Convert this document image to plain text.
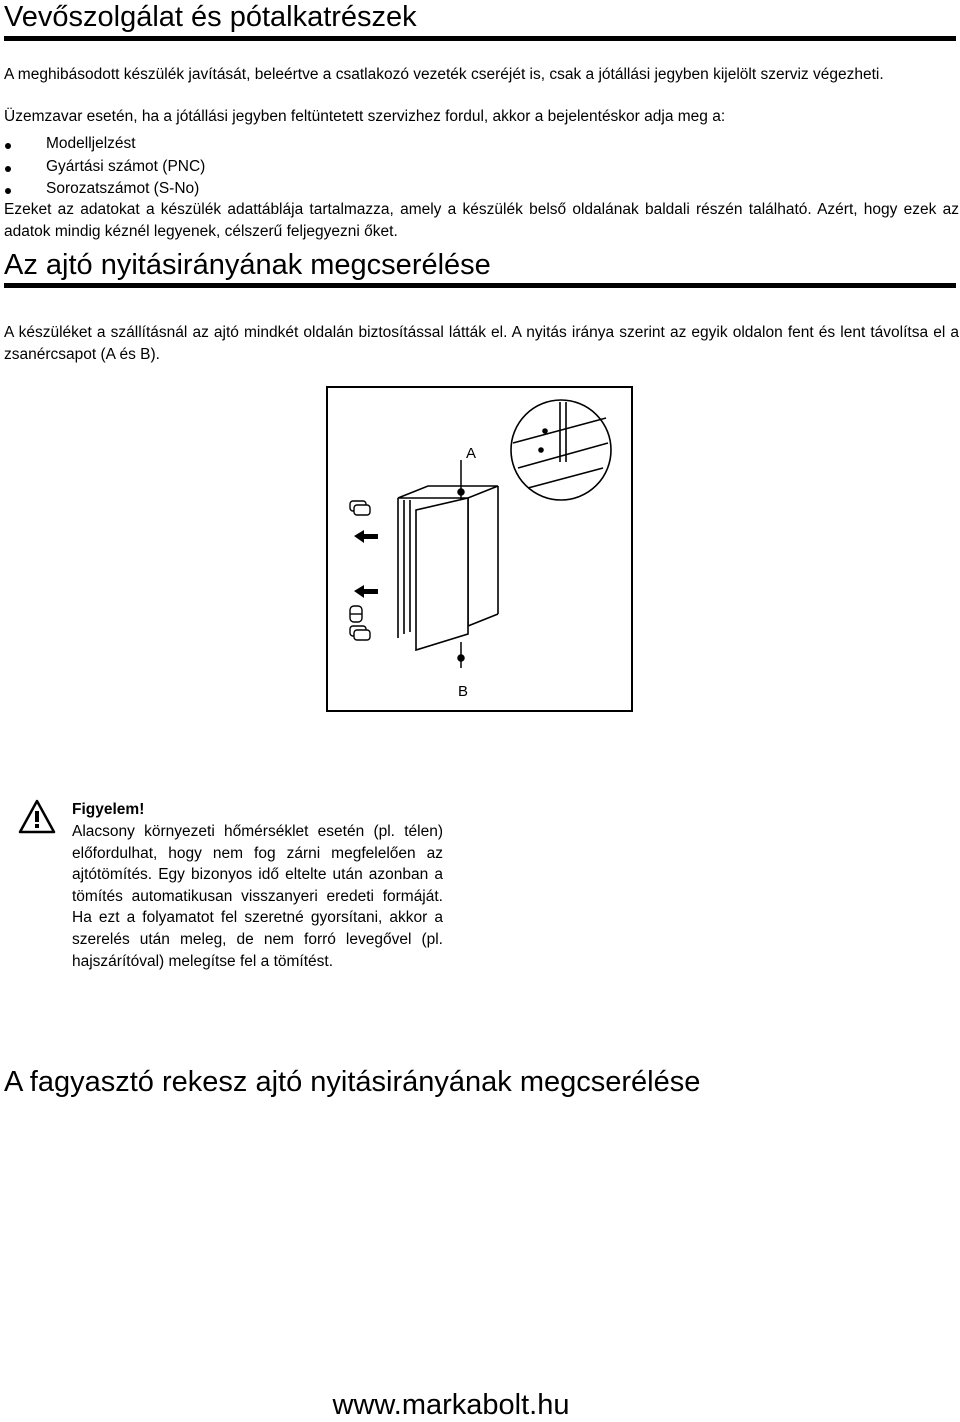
Vevőszolgálat és pótalkatrészek

A meghibásodott készülék javítását, beleértve a csatlakozó vezeték cseréjét is, csak a jótállási jegyben kijelölt szerviz végezheti.

Üzemzavar esetén, ha a jótállási jegyben feltüntetett szervizhez fordul, akkor a bejelentéskor adja meg a:

Modelljelzést
Gyártási számot (PNC)
Sorozatszámot (S-No)

Ezeket az adatokat a készülék adattáblája tartalmazza, amely a készülék belső oldalának baldali részén található. Azért, hogy ezek az adatok mindig kéznél legyenek, célszerű feljegyezni őket.

Az ajtó nyitásirányának megcserélése

A készüléket a szállításnál az ajtó mindkét oldalán biztosítással látták el. A nyitás iránya szerint az egyik oldalon fent és lent távolítsa el a zsanércsapot (A és B).

A
B

Figyelem!

Alacsony környezeti hőmérséklet esetén (pl. télen) előfordulhat, hogy nem fog zárni megfelelően az ajtótömítés. Egy bizonyos idő eltelte után azonban a tömítés automatikusan visszanyeri eredeti formáját. Ha ezt a folyamatot fel szeretné gyorsítani, akkor a szerelés után meleg, de nem forró levegővel (pl. hajszárítóval) melegítse fel a tömítést.

A fagyasztó rekesz ajtó nyitásirányának megcserélése
www.markabolt.hu
